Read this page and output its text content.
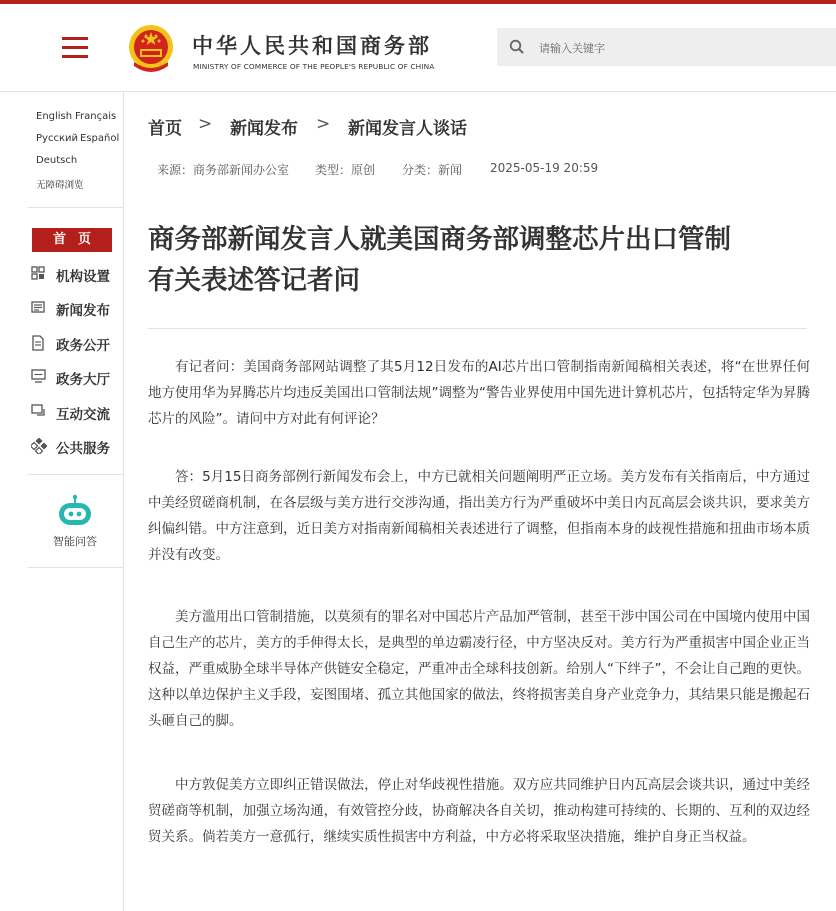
中华人民共和国商务部
MINISTRY OF COMMERCE OF THE PEOPLE'S REPUBLIC OF CHINA
请输入关键字
English Français
Русский Español
Deutsch
无障碍浏览
首页
机构设置
新闻发布
政务公开
政务大厅
互动交流
公共服务
智能问答
首页 > 新闻发布 > 新闻发言人谈话
来源：商务部新闻办公室 类型：原创 分类：新闻 2025-05-19 20:59
商务部新闻发言人就美国商务部调整芯片出口管制
有关表述答记者问

有记者问：美国商务部网站调整了其5月12日发布的AI芯片出口管制指南新闻稿相关表述，将“在世界任何地方使用华为昇腾芯片均违反美国出口管制法规”调整为“警告业界使用中国先进计算机芯片，包括特定华为昇腾芯片的风险”。请问中方对此有何评论？

答：5月15日商务部例行新闻发布会上，中方已就相关问题阐明严正立场。美方发布有关指南后，中方通过中美经贸磋商机制，在各层级与美方进行交涉沟通，指出美方行为严重破坏中美日内瓦高层会谈共识，要求美方纠偏纠错。中方注意到，近日美方对指南新闻稿相关表述进行了调整，但指南本身的歧视性措施和扭曲市场本质并没有改变。

美方滥用出口管制措施，以莫须有的罪名对中国芯片产品加严管制，甚至干涉中国公司在中国境内使用中国自己生产的芯片，美方的手伸得太长，是典型的单边霸凌行径，中方坚决反对。美方行为严重损害中国企业正当权益，严重威胁全球半导体产供链安全稳定，严重冲击全球科技创新。给别人“下绊子”，不会让自己跑的更快。这种以单边保护主义手段，妄图围堵、孤立其他国家的做法，终将损害美自身产业竞争力，其结果只能是搬起石头砸自己的脚。

中方敦促美方立即纠正错误做法，停止对华歧视性措施。双方应共同维护日内瓦高层会谈共识，通过中美经贸磋商等机制，加强立场沟通，有效管控分歧，协商解决各自关切，推动构建可持续的、长期的、互利的双边经贸关系。倘若美方一意孤行，继续实质性损害中方利益，中方必将采取坚决措施，维护自身正当权益。
